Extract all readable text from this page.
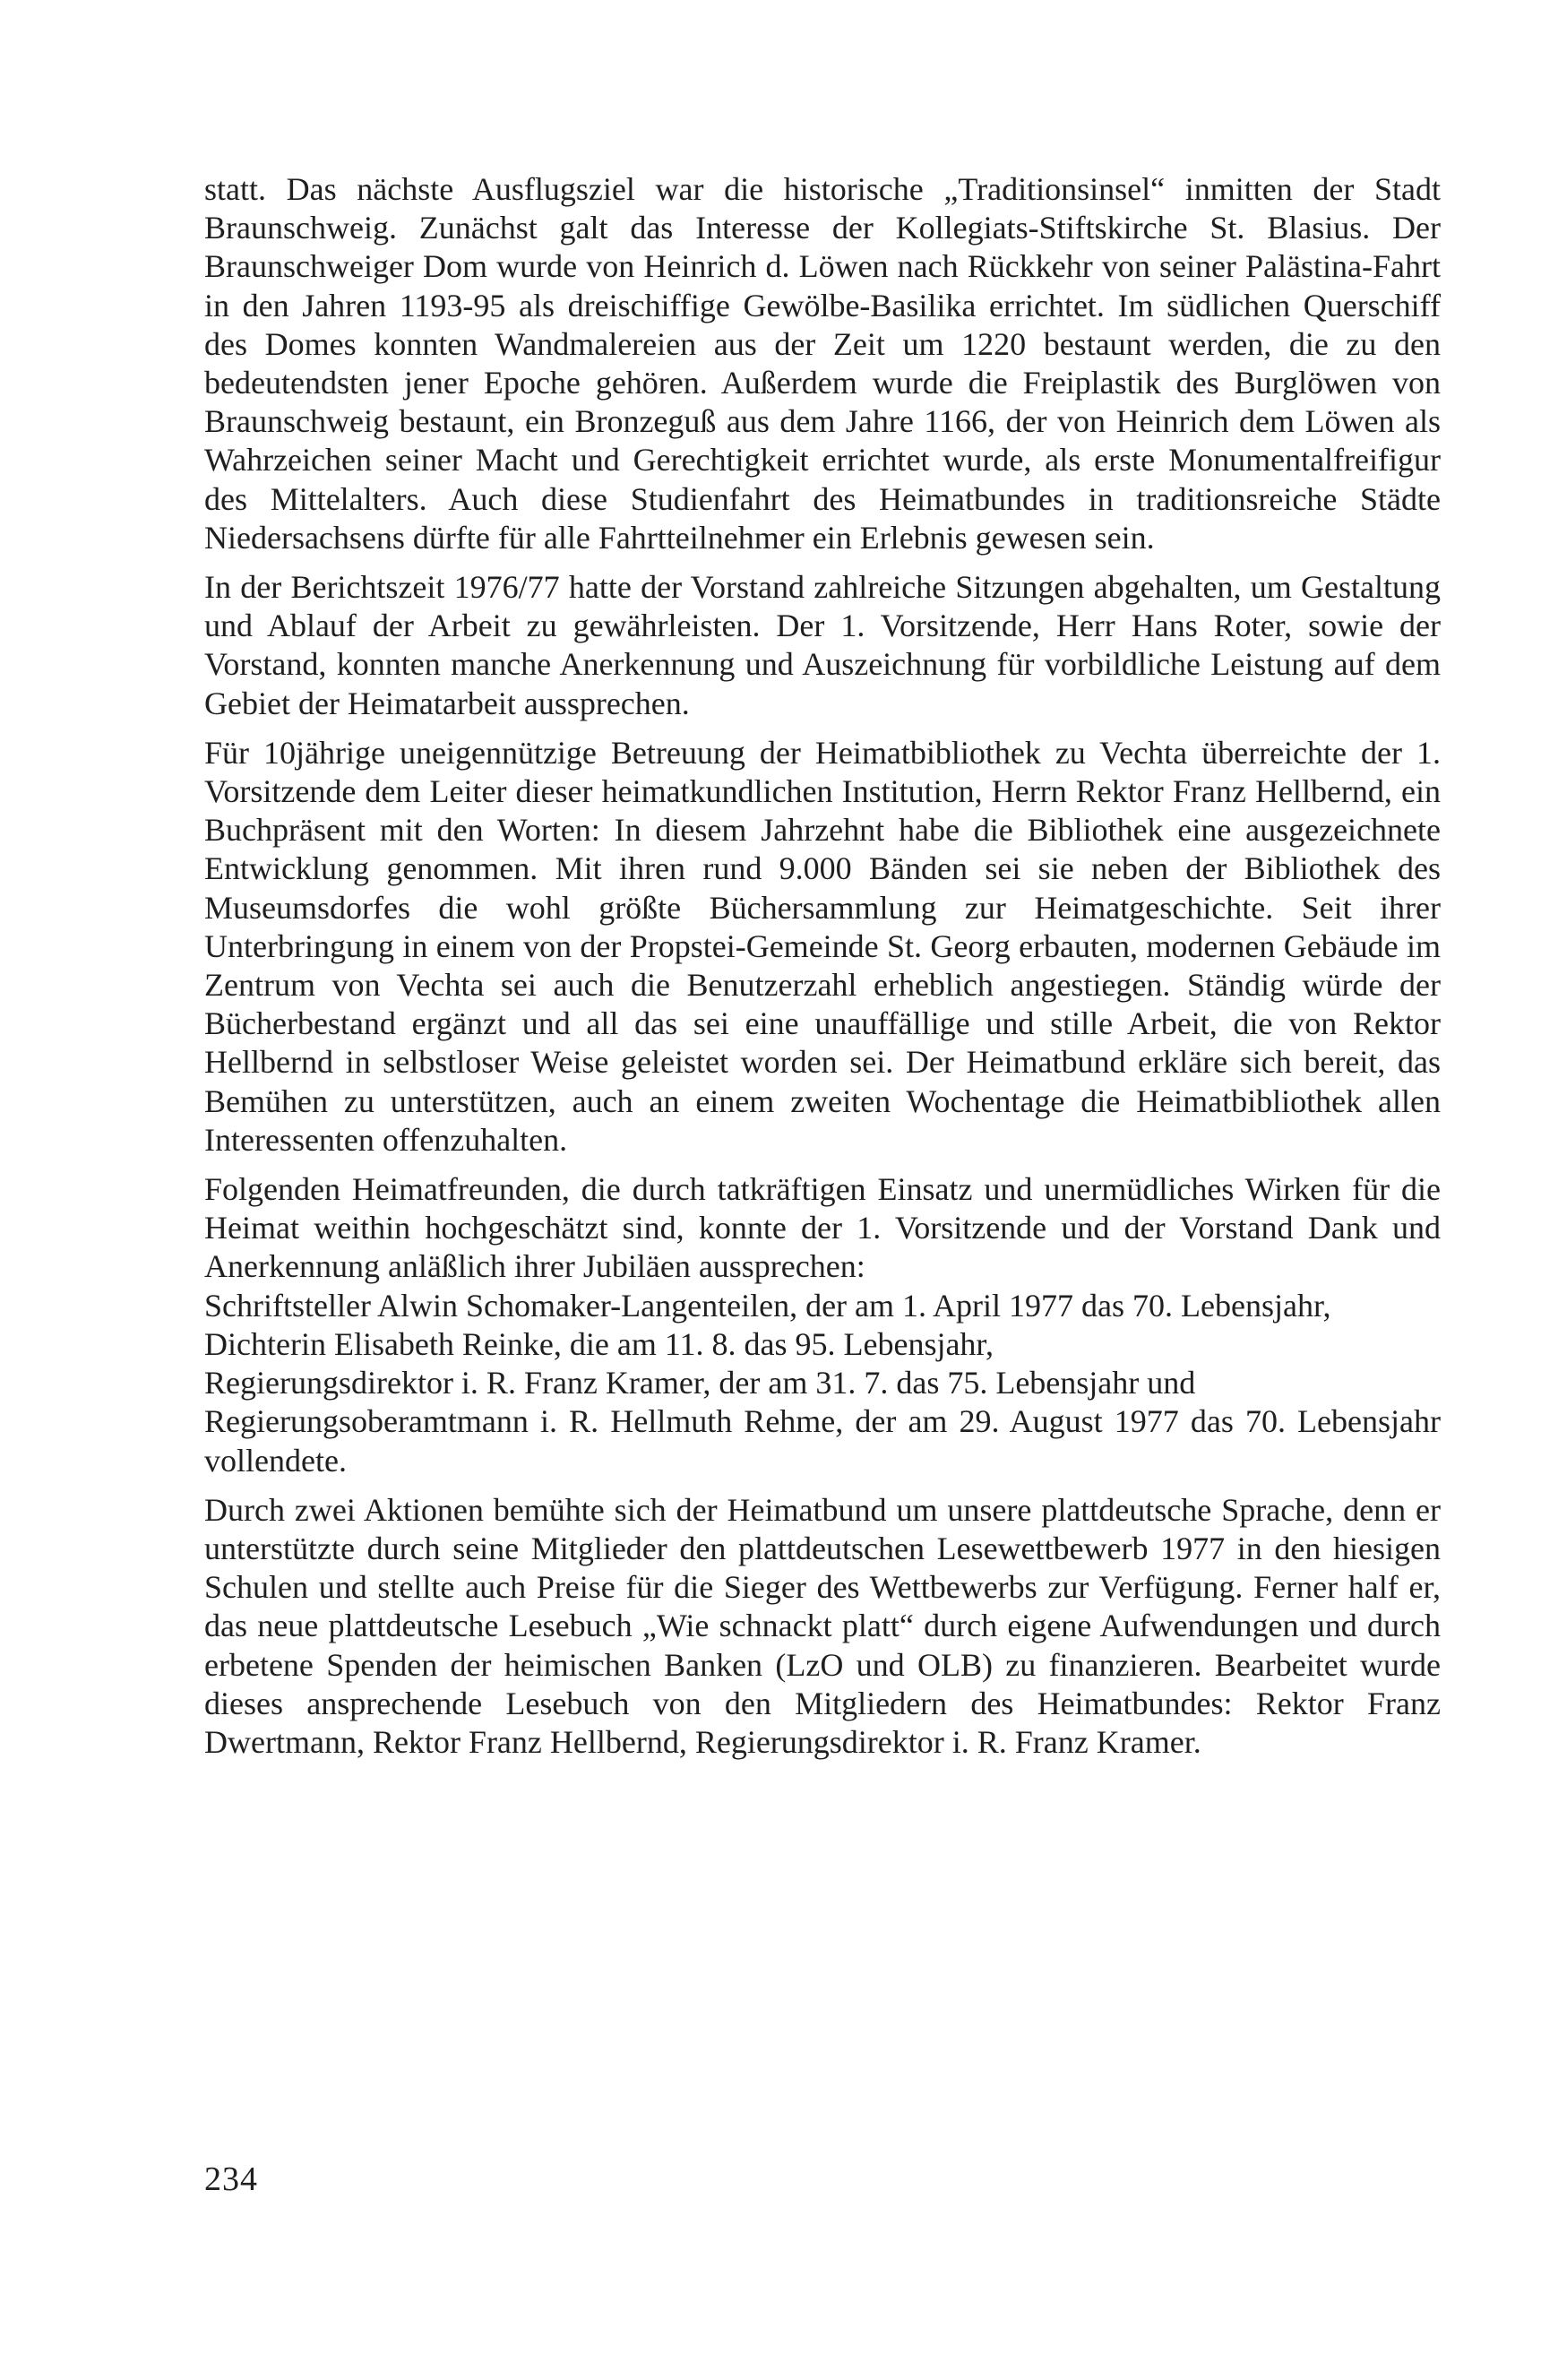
statt. Das nächste Ausflugsziel war die historische „Traditionsinsel“ inmitten der Stadt Braunschweig. Zunächst galt das Interesse der Kollegiats-Stiftskirche St. Blasius. Der Braunschweiger Dom wurde von Heinrich d. Löwen nach Rückkehr von seiner Palästina-Fahrt in den Jahren 1193-95 als dreischiffige Gewölbe-Basilika errichtet. Im südlichen Querschiff des Domes konnten Wandmalereien aus der Zeit um 1220 bestaunt werden, die zu den bedeutendsten jener Epoche gehören. Außerdem wurde die Freiplastik des Burglöwen von Braunschweig bestaunt, ein Bronzeguß aus dem Jahre 1166, der von Heinrich dem Löwen als Wahrzeichen seiner Macht und Gerechtigkeit errichtet wurde, als erste Monumentalfreifigur des Mittelalters. Auch diese Studienfahrt des Heimatbundes in traditionsreiche Städte Niedersachsens dürfte für alle Fahrtteilnehmer ein Erlebnis gewesen sein.

In der Berichtszeit 1976/77 hatte der Vorstand zahlreiche Sitzungen abgehalten, um Gestaltung und Ablauf der Arbeit zu gewährleisten. Der 1. Vorsitzende, Herr Hans Roter, sowie der Vorstand, konnten manche Anerkennung und Auszeichnung für vorbildliche Leistung auf dem Gebiet der Heimatarbeit aussprechen.

Für 10jährige uneigennützige Betreuung der Heimatbibliothek zu Vechta überreichte der 1. Vorsitzende dem Leiter dieser heimatkundlichen Institution, Herrn Rektor Franz Hellbernd, ein Buchpräsent mit den Worten: In diesem Jahrzehnt habe die Bibliothek eine ausgezeichnete Entwicklung genommen. Mit ihren rund 9.000 Bänden sei sie neben der Bibliothek des Museumsdorfes die wohl größte Büchersammlung zur Heimatgeschichte. Seit ihrer Unterbringung in einem von der Propstei-Gemeinde St. Georg erbauten, modernen Gebäude im Zentrum von Vechta sei auch die Benutzerzahl erheblich angestiegen. Ständig würde der Bücherbestand ergänzt und all das sei eine unauffällige und stille Arbeit, die von Rektor Hellbernd in selbstloser Weise geleistet worden sei. Der Heimatbund erkläre sich bereit, das Bemühen zu unterstützen, auch an einem zweiten Wochentage die Heimatbibliothek allen Interessenten offenzuhalten.

Folgenden Heimatfreunden, die durch tatkräftigen Einsatz und unermüdliches Wirken für die Heimat weithin hochgeschätzt sind, konnte der 1. Vorsitzende und der Vorstand Dank und Anerkennung anläßlich ihrer Jubiläen aussprechen:

Schriftsteller Alwin Schomaker-Langenteilen, der am 1. April 1977 das 70. Lebensjahr,

Dichterin Elisabeth Reinke, die am 11. 8. das 95. Lebensjahr,

Regierungsdirektor i. R. Franz Kramer, der am 31. 7. das 75. Lebensjahr und

Regierungsoberamtmann i. R. Hellmuth Rehme, der am 29. August 1977 das 70. Lebensjahr vollendete.

Durch zwei Aktionen bemühte sich der Heimatbund um unsere plattdeutsche Sprache, denn er unterstützte durch seine Mitglieder den plattdeutschen Lesewettbewerb 1977 in den hiesigen Schulen und stellte auch Preise für die Sieger des Wettbewerbs zur Verfügung. Ferner half er, das neue plattdeutsche Lesebuch „Wie schnackt platt“ durch eigene Aufwendungen und durch erbetene Spenden der heimischen Banken (LzO und OLB) zu finanzieren. Bearbeitet wurde dieses ansprechende Lesebuch von den Mitgliedern des Heimatbundes: Rektor Franz Dwertmann, Rektor Franz Hellbernd, Regierungsdirektor i. R. Franz Kramer.

234
